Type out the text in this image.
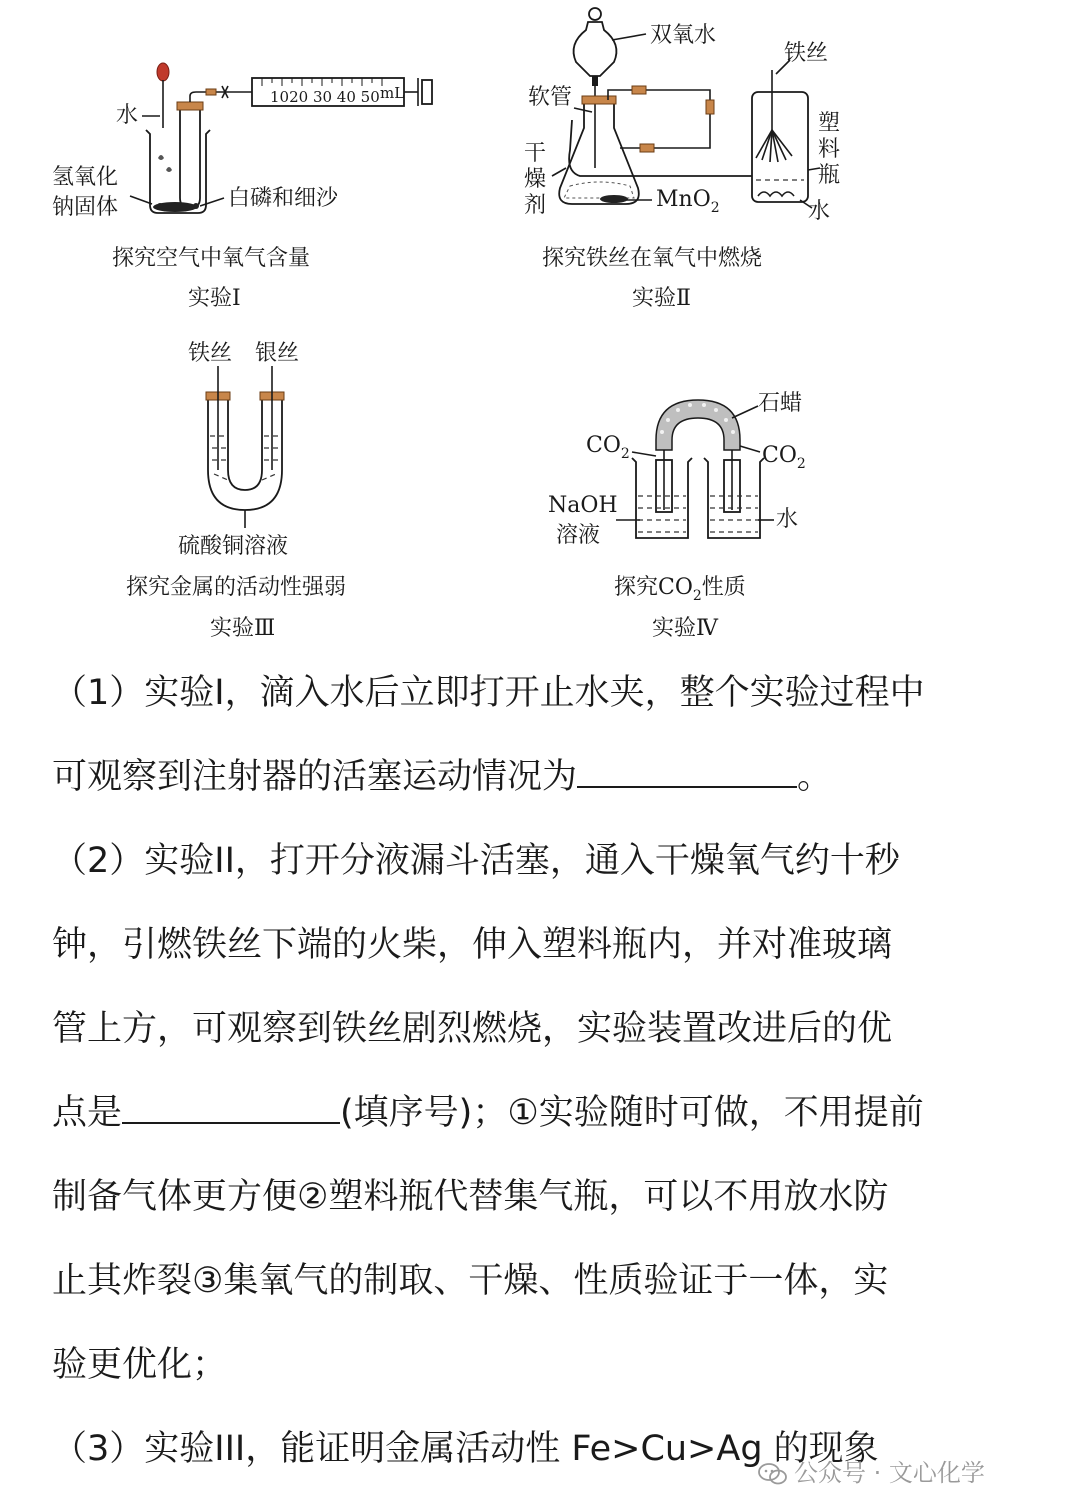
1020 30 40 50 mL
水
氢氧化
钠固体	白磷和细沙
探究空气中氧气含量
实验Ⅰ
双氧水
软管
干
燥
剂	MnO$_2$
铁丝
塑
料
瓶
水
探究铁丝在氧气中燃烧
实验Ⅱ
铁丝 银丝
硫酸铜溶液
探究金属的活动性强弱
实验Ⅲ
石蜡
$CO_2$	$CO_2$
NaOH
溶液
水
探究$CO_2$性质
实验Ⅳ
（1）实验I，滴入水后立即打开止水夹，整个实验过程中
可观察到注射器的活塞运动情况为	。
（2）实验II，打开分液漏斗活塞，通入干燥氧气约十秒
钟，引燃铁丝下端的火柴，伸入塑料瓶内，并对准玻璃
管上方，可观察到铁丝剧烈燃烧，实验装置改进后的优
点是	(填序号)；①实验随时可做，不用提前
制备气体更方便②塑料瓶代替集气瓶，可以不用放水防
止其炸裂③集氧气的制取、干燥、性质验证于一体，实
验更优化；
（3）实验III，能证明金属活动性 Fe>Cu>Ag 的现象
公众号 · 文心化学
